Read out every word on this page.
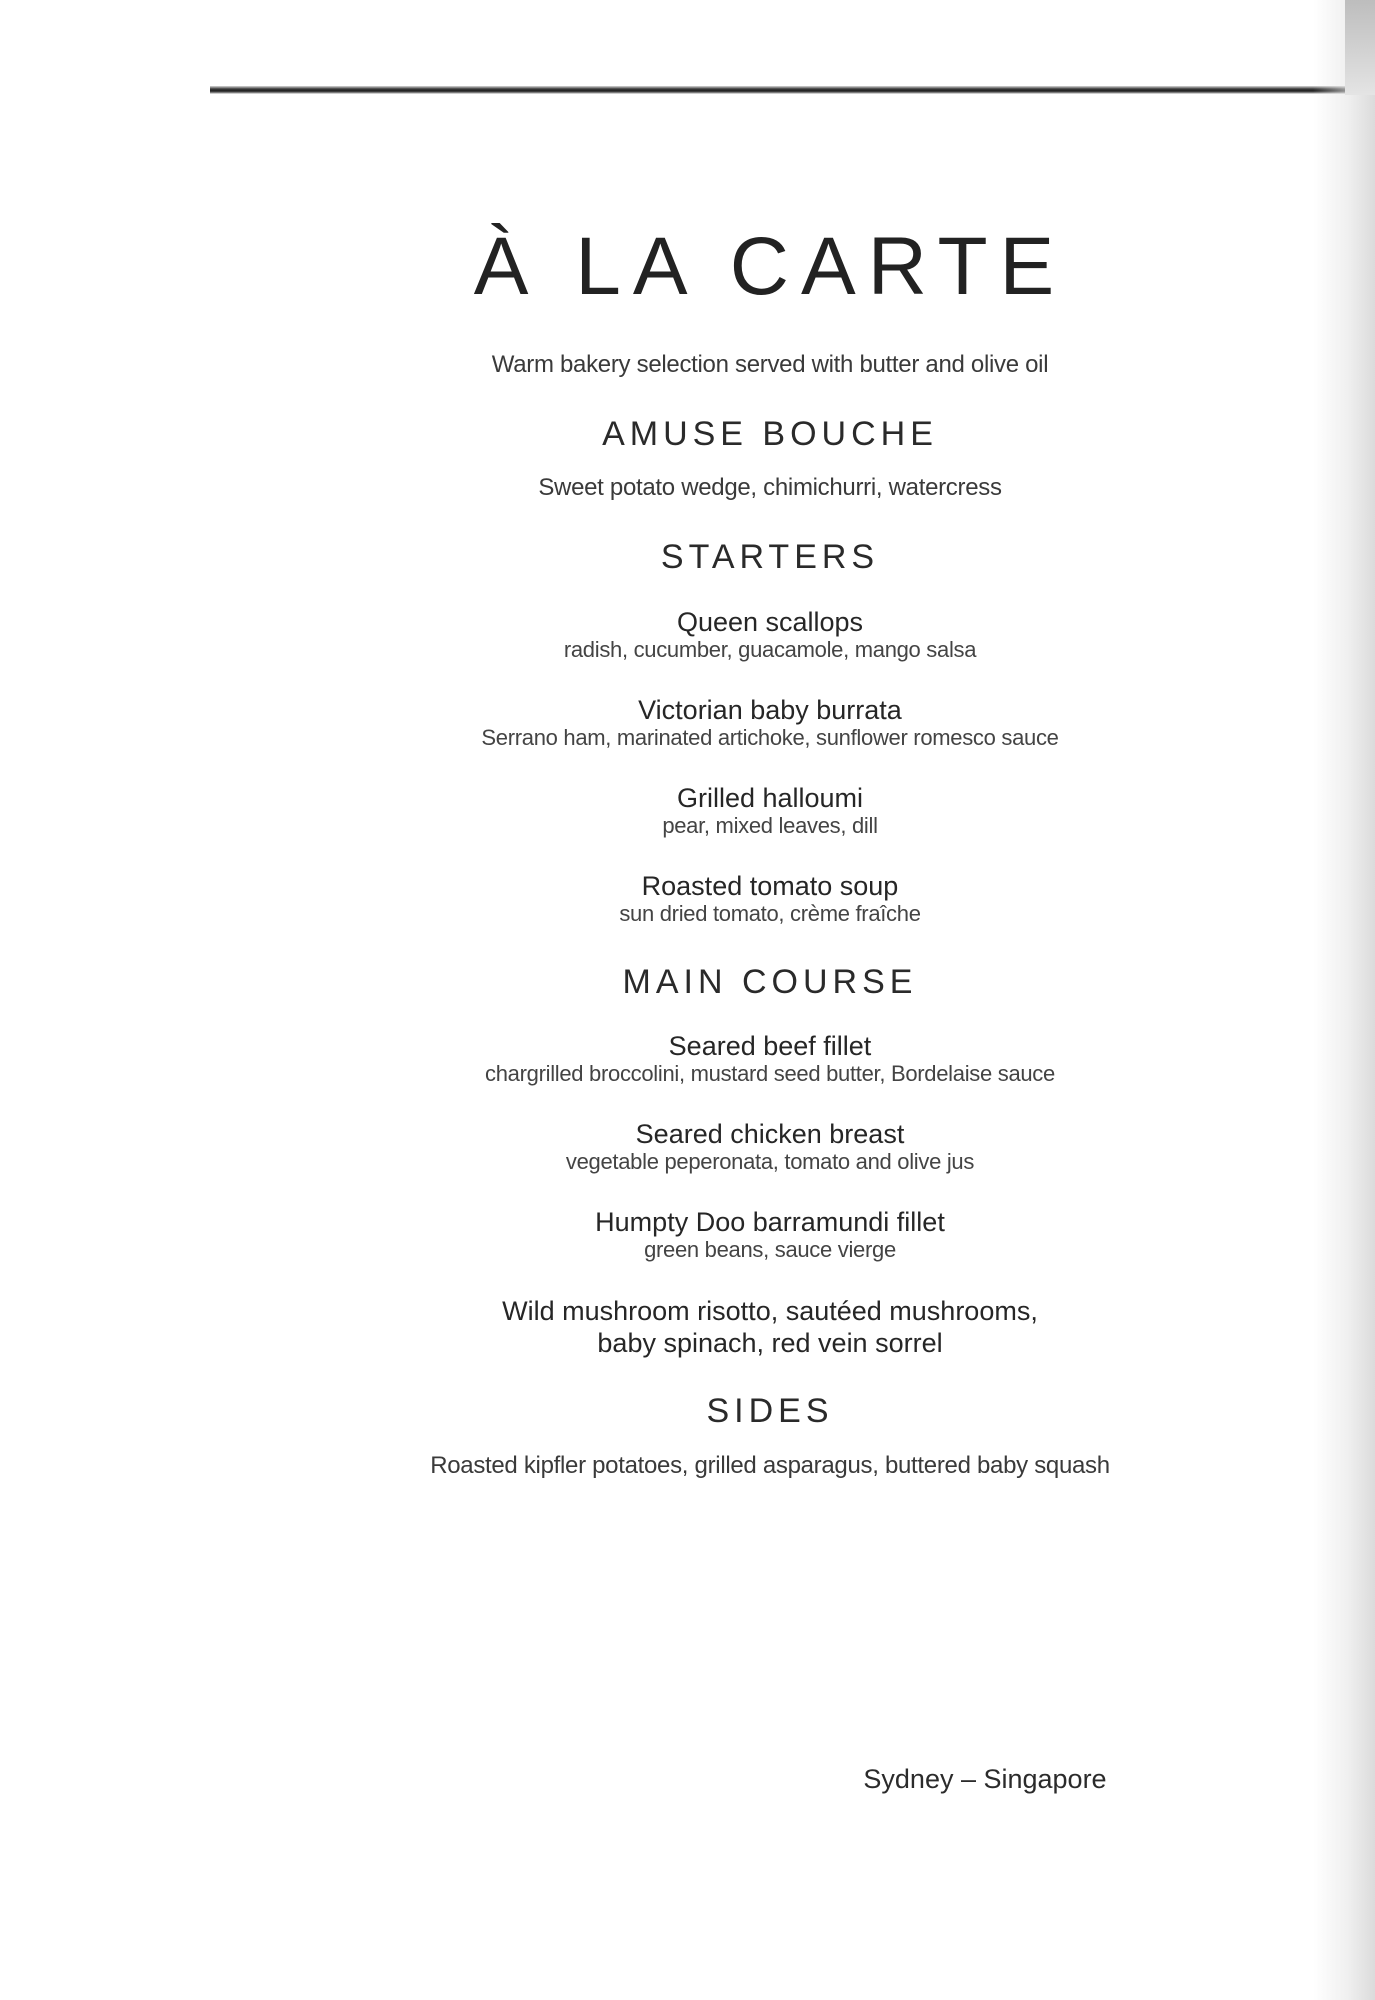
À LA CARTE
Warm bakery selection served with butter and olive oil
AMUSE BOUCHE
Sweet potato wedge, chimichurri, watercress
STARTERS
Queen scallops
radish, cucumber, guacamole, mango salsa
Victorian baby burrata
Serrano ham, marinated artichoke, sunflower romesco sauce
Grilled halloumi
pear, mixed leaves, dill
Roasted tomato soup
sun dried tomato, crème fraîche
MAIN COURSE
Seared beef fillet
chargrilled broccolini, mustard seed butter, Bordelaise sauce
Seared chicken breast
vegetable peperonata, tomato and olive jus
Humpty Doo barramundi fillet
green beans, sauce vierge
Wild mushroom risotto, sautéed mushrooms,
baby spinach, red vein sorrel
SIDES
Roasted kipfler potatoes, grilled asparagus, buttered baby squash
Sydney – Singapore
